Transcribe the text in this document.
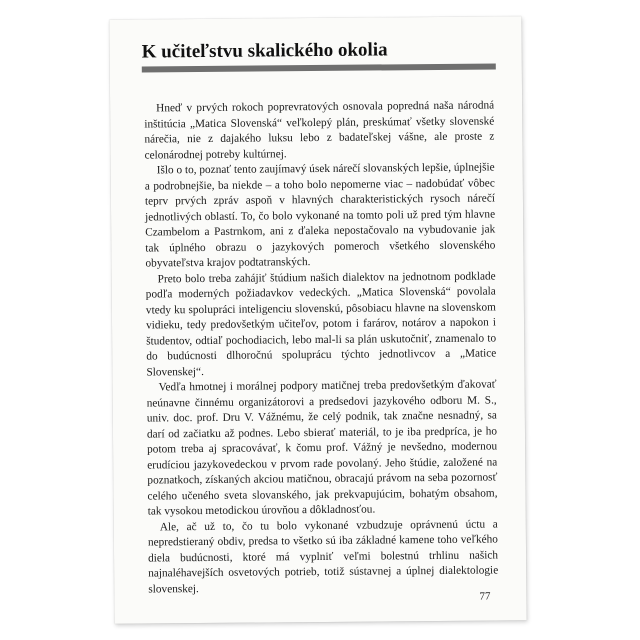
K učiteľstvu skalického okolia

Hneď v prvých rokoch poprevratových osnovala popredná naša národná inštitúcia „Matica Slovenská“ veľkolepý plán, preskúmať všetky slovenské nárečia, nie z dajakého luksu lebo z badateľskej vášne, ale proste z celonárodnej potreby kultúrnej.

Išlo o to, poznať tento zaujímavý úsek nárečí slovanských lepšie, úplnejšie a podrobnejšie, ba niekde – a toho bolo nepomerne viac – nadobúdať vôbec teprv prvých zpráv aspoň v hlavných charakteristických rysoch nárečí jednotlivých oblastí. To, čo bolo vykonané na tomto poli už pred tým hlavne Czambelom a Pastrnkom, ani z ďaleka nepostačovalo na vybudovanie jak tak úplného obrazu o jazykových pomeroch všetkého slovenského obyvateľstva krajov podtatranských.

Preto bolo treba zahájiť štúdium našich dialektov na jednotnom podklade podľa moderných požiadavkov vedeckých. „Matica Slovenská“ povolala vtedy ku spolupráci inteligenciu slovenskú, pôsobiacu hlavne na slovenskom vidieku, tedy predovšetkým učiteľov, potom i farárov, notárov a napokon i študentov, odtiaľ pochodiacich, lebo mal-li sa plán uskutočniť, znamenalo to do budúcnosti dlhoročnú spoluprácu týchto jednotlivcov a „Matice Slovenskej“.

Vedľa hmotnej i morálnej podpory matičnej treba predovšetkým ďakovať neúnavne činnému organizátorovi a predsedovi jazykového odboru M. S., univ. doc. prof. Dru V. Vážnému, že celý podnik, tak značne nesnadný, sa darí od začiatku až podnes. Lebo sbierať materiál, to je iba predpríca, je ho potom treba aj spracovávať, k čomu prof. Vážný je nevšedno, modernou erudíciou jazykovedeckou v prvom rade povolaný. Jeho štúdie, založené na poznatkoch, získaných akciou matičnou, obracajú právom na seba pozornosť celého učeného sveta slovanského, jak prekvapujúcim, bohatým obsahom, tak vysokou metodickou úrovňou a dôkladnosťou.

Ale, ač už to, čo tu bolo vykonané vzbudzuje oprávnenú úctu a nepredstieraný obdiv, predsa to všetko sú iba základné kamene toho veľkého diela budúcnosti, ktoré má vyplniť veľmi bolestnú trhlinu našich najnaléhavejších osvetových potrieb, totiž sústavnej a úplnej dialektologie slovenskej.

77
